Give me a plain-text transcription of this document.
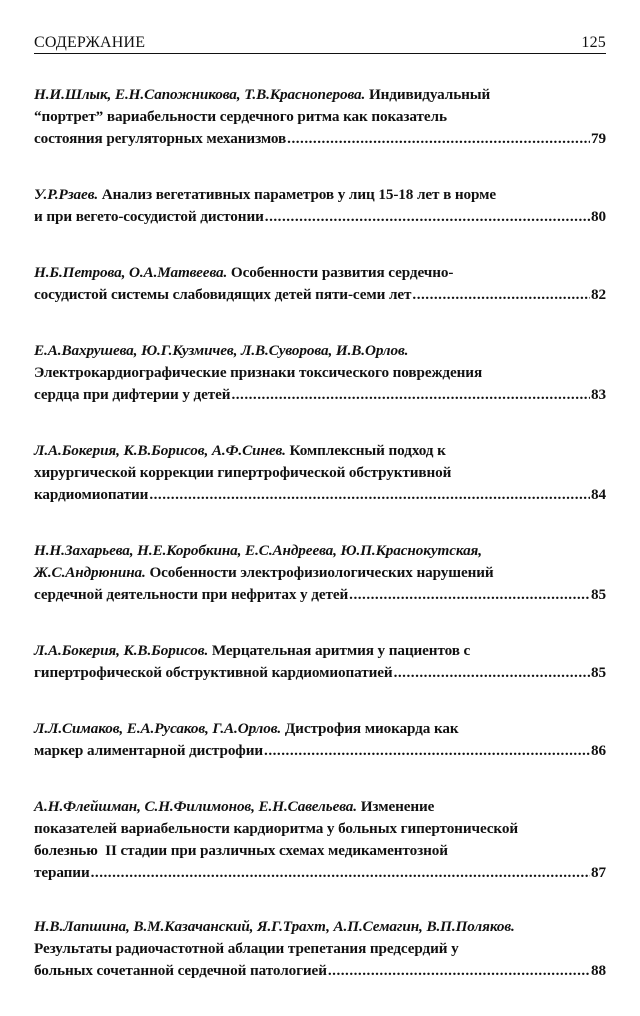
СОДЕРЖАНИЕ	125
Н.И.Шлык, Е.Н.Сапожникова, Т.В.Красноперова. Индивидуальный
“портрет” вариабельности сердечного ритма как показатель
состояния регуляторных механизмов .....	79
У.Р.Рзаев. Анализ вегетативных параметров у лиц 15-18 лет в норме
и при вегето-сосудистой дистонии .....	80
Н.Б.Петрова, О.А.Матвеева. Особенности развития сердечно-
сосудистой системы слабовидящих детей пяти-семи лет .....	82
Е.А.Вахрушева, Ю.Г.Кузмичев, Л.В.Суворова, И.В.Орлов.
Электрокардиографические признаки токсического повреждения
сердца при дифтерии у детей .....	83
Л.А.Бокерия, К.В.Борисов, А.Ф.Синев. Комплексный подход к
хирургической коррекции гипертрофической обструктивной
кардиомиопатии .....	84
Н.Н.Захарьева, Н.Е.Коробкина, Е.С.Андреева, Ю.П.Краснокутская,
Ж.С.Андрюнина. Особенности электрофизиологических нарушений
сердечной деятельности при нефритах у детей .....	85
Л.А.Бокерия, К.В.Борисов. Мерцательная аритмия у пациентов с
гипертрофической обструктивной кардиомиопатией .....	85
Л.Л.Симаков, Е.А.Русаков, Г.А.Орлов. Дистрофия миокарда как
маркер алиментарной дистрофии .....	86
А.Н.Флейшман, С.Н.Филимонов, Е.Н.Савельева. Изменение
показателей вариабельности кардиоритма у больных гипертонической
болезнью  II стадии при различных схемах медикаментозной
терапии .....	87
Н.В.Лапшина, В.М.Казачанский, Я.Г.Трахт, А.П.Семагин, В.П.Поляков.
Результаты радиочастотной аблации трепетания предсердий у
больных сочетанной сердечной патологией .....	88
